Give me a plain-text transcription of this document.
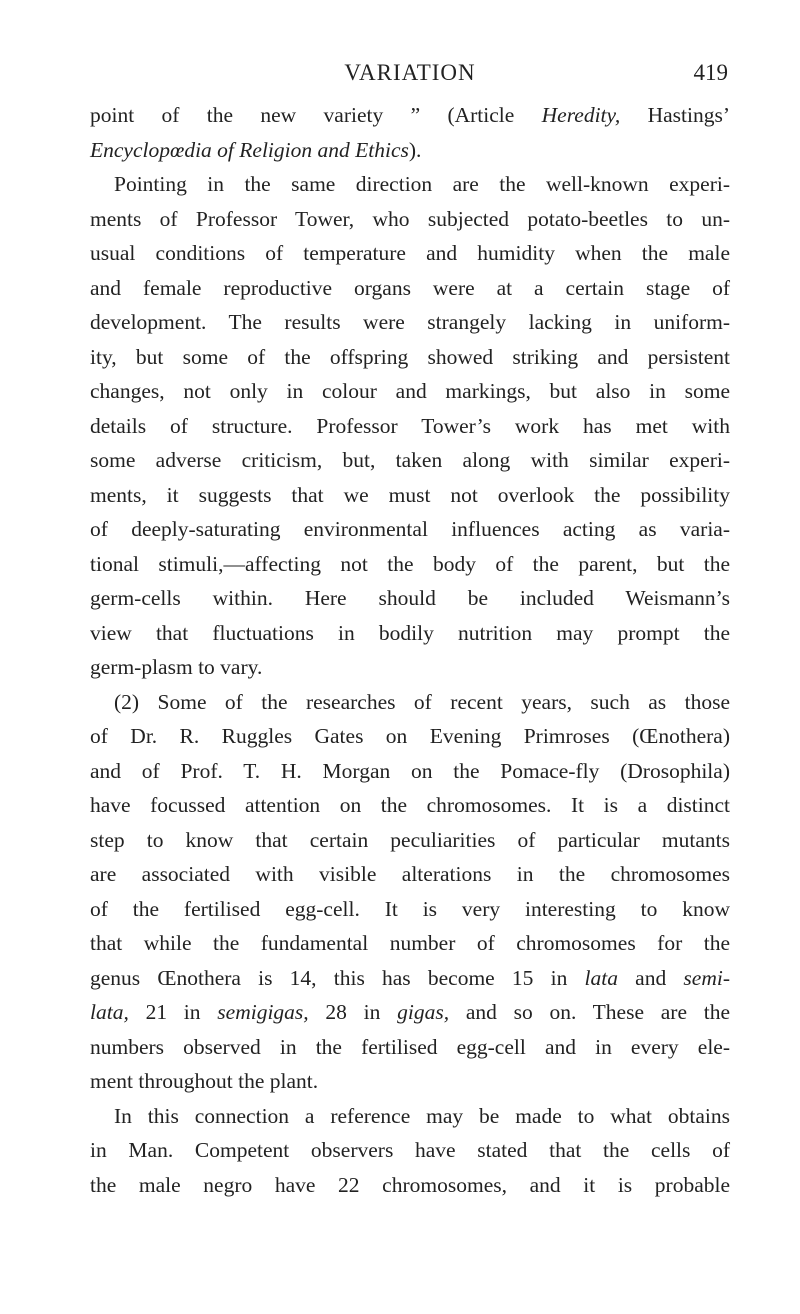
VARIATION	419
point of the new variety ” (Article Heredity, Hastings’
Encyclopœdia of Religion and Ethics).
Pointing in the same direction are the well-known experi-
ments of Professor Tower, who subjected potato-beetles to un-
usual conditions of temperature and humidity when the male
and female reproductive organs were at a certain stage of
development. The results were strangely lacking in uniform-
ity, but some of the offspring showed striking and persistent
changes, not only in colour and markings, but also in some
details of structure. Professor Tower’s work has met with
some adverse criticism, but, taken along with similar experi-
ments, it suggests that we must not overlook the possibility
of deeply-saturating environmental influences acting as varia-
tional stimuli,—affecting not the body of the parent, but the
germ-cells within. Here should be included Weismann’s
view that fluctuations in bodily nutrition may prompt the
germ-plasm to vary.
(2) Some of the researches of recent years, such as those
of Dr. R. Ruggles Gates on Evening Primroses (Œnothera)
and of Prof. T. H. Morgan on the Pomace-fly (Drosophila)
have focussed attention on the chromosomes. It is a distinct
step to know that certain peculiarities of particular mutants
are associated with visible alterations in the chromosomes
of the fertilised egg-cell. It is very interesting to know
that while the fundamental number of chromosomes for the
genus Œnothera is 14, this has become 15 in lata and semi-
lata, 21 in semigigas, 28 in gigas, and so on. These are the
numbers observed in the fertilised egg-cell and in every ele-
ment throughout the plant.
In this connection a reference may be made to what obtains
in Man. Competent observers have stated that the cells of
the male negro have 22 chromosomes, and it is probable
